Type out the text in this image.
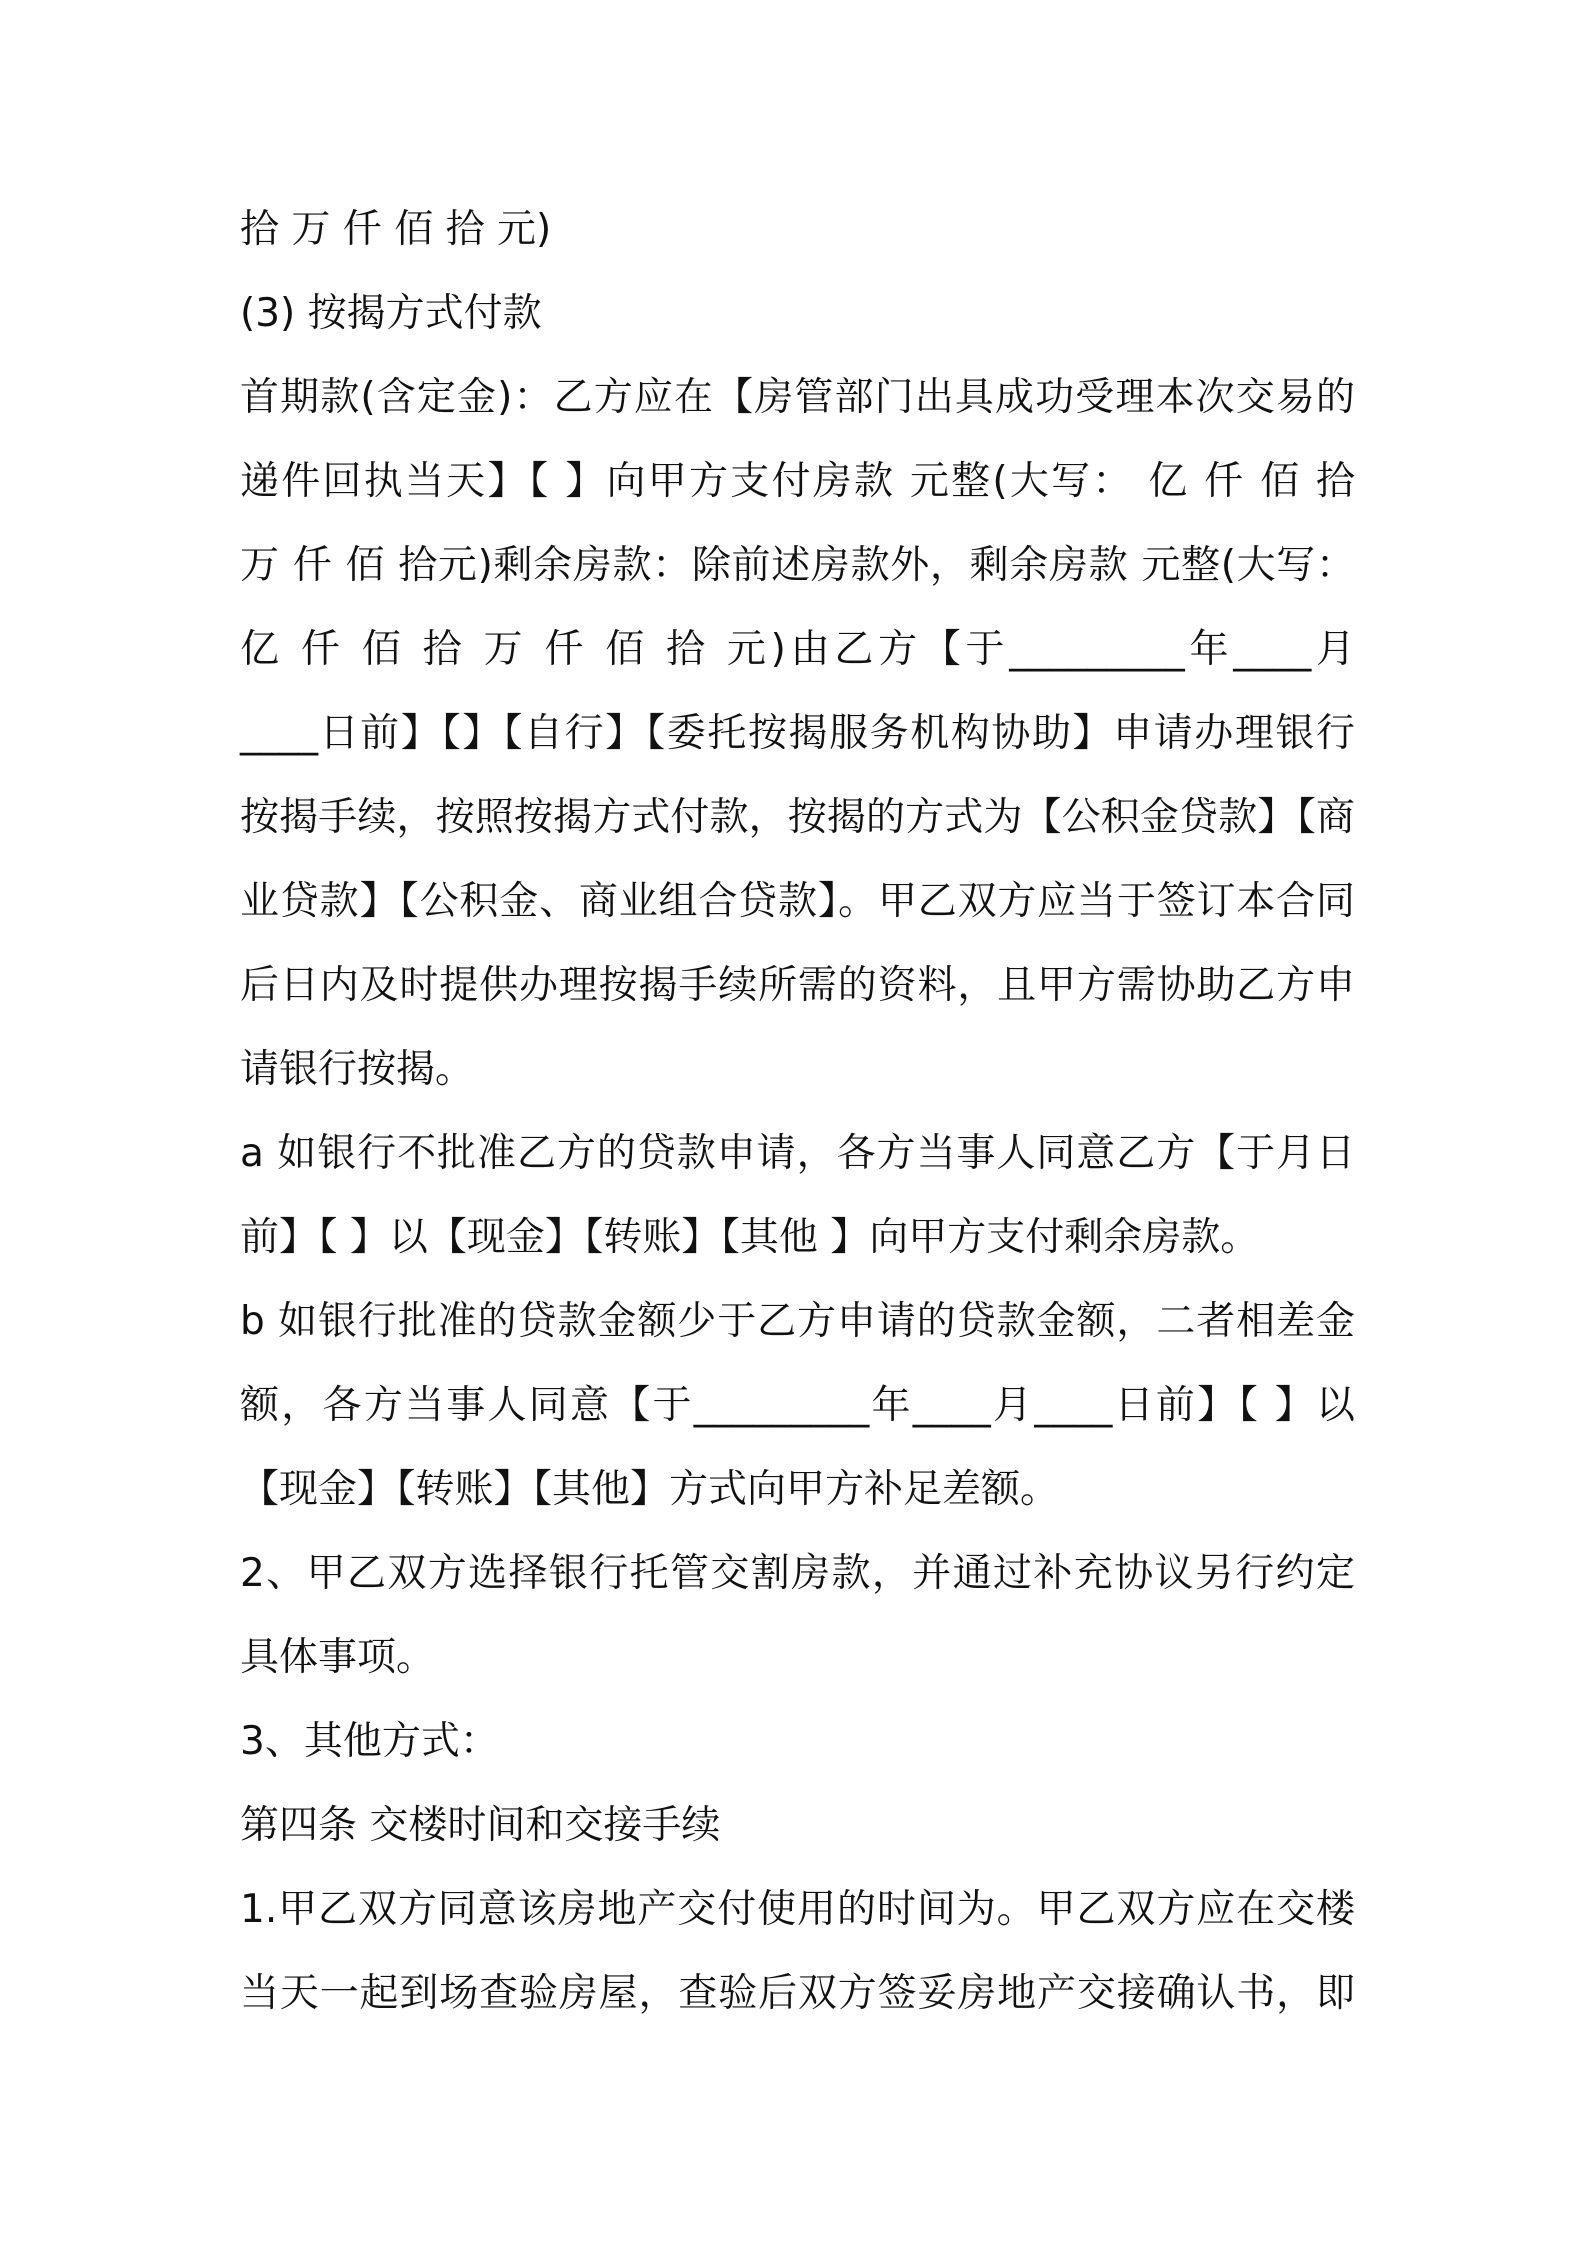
拾 万 仟 佰 拾 元)
(3) 按揭方式付款
首期款(含定金)：乙方应在【房管部门出具成功受理本次交易的
递件回执当天】【 】向甲方支付房款 元整(大写： 亿 仟 佰 拾
万 仟 佰 拾元)剩余房款：除前述房款外，剩余房款 元整(大写：
亿 仟 佰 拾 万 仟 佰 拾 元)由乙方【于_________年____月
____日前】【】【自行】【委托按揭服务机构协助】申请办理银行
按揭手续，按照按揭方式付款，按揭的方式为【公积金贷款】【商
业贷款】【公积金、商业组合贷款】。甲乙双方应当于签订本合同
后日内及时提供办理按揭手续所需的资料，且甲方需协助乙方申
请银行按揭。
a 如银行不批准乙方的贷款申请，各方当事人同意乙方【于月日
前】【 】以【现金】【转账】【其他 】向甲方支付剩余房款。
b 如银行批准的贷款金额少于乙方申请的贷款金额，二者相差金
额，各方当事人同意【于_________年____月____日前】【 】以
【现金】【转账】【其他】方式向甲方补足差额。
2、甲乙双方选择银行托管交割房款，并通过补充协议另行约定
具体事项。
3、其他方式：
第四条 交楼时间和交接手续
1.甲乙双方同意该房地产交付使用的时间为。甲乙双方应在交楼
当天一起到场查验房屋，查验后双方签妥房地产交接确认书，即
